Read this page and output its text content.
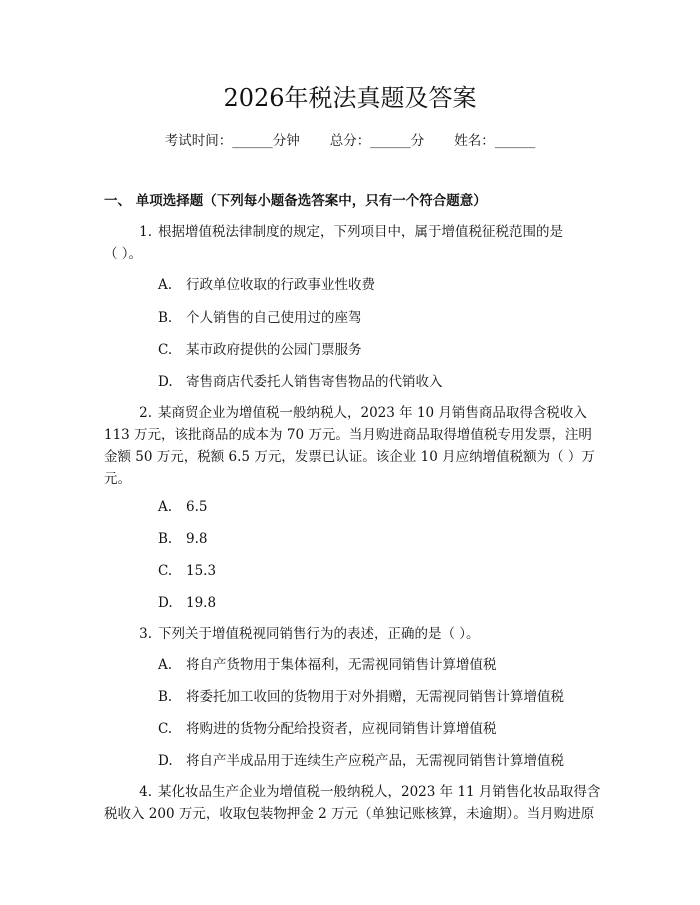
2026年税法真题及答案
考试时间：______分钟 总分：______分 姓名：______
一、 单项选择题（下列每小题备选答案中，只有一个符合题意）
1. 根据增值税法律制度的规定，下列项目中，属于增值税征税范围的是
（ ）。
A. 行政单位收取的行政事业性收费
B. 个人销售的自己使用过的座驾
C. 某市政府提供的公园门票服务
D. 寄售商店代委托人销售寄售物品的代销收入
2. 某商贸企业为增值税一般纳税人，2023 年 10 月销售商品取得含税收入
113 万元，该批商品的成本为 70 万元。当月购进商品取得增值税专用发票，注明
金额 50 万元，税额 6.5 万元，发票已认证。该企业 10 月应纳增值税额为（ ）万
元。
A. 6.5
B. 9.8
C. 15.3
D. 19.8
3. 下列关于增值税视同销售行为的表述，正确的是（ ）。
A. 将自产货物用于集体福利，无需视同销售计算增值税
B. 将委托加工收回的货物用于对外捐赠，无需视同销售计算增值税
C. 将购进的货物分配给投资者，应视同销售计算增值税
D. 将自产半成品用于连续生产应税产品，无需视同销售计算增值税
4. 某化妆品生产企业为增值税一般纳税人，2023 年 11 月销售化妆品取得含
税收入 200 万元，收取包装物押金 2 万元（单独记账核算，未逾期）。当月购进原
